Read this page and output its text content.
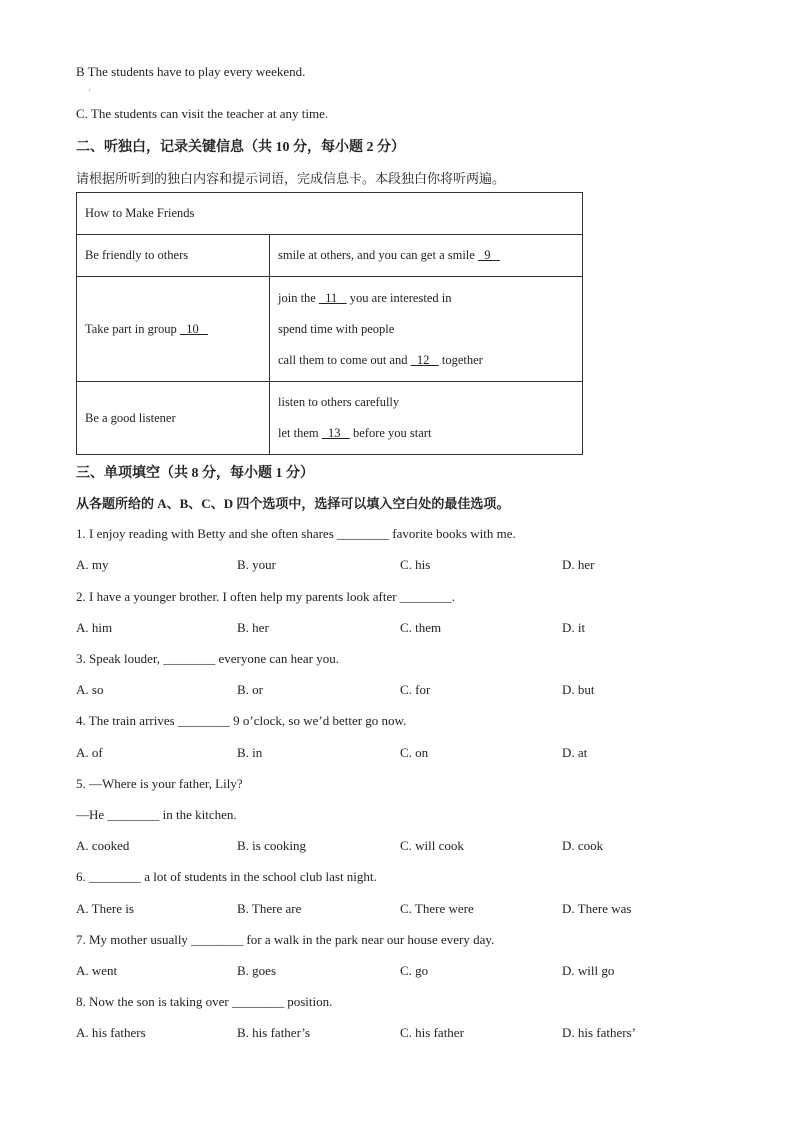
B The students have to play every weekend.
·
C. The students can visit the teacher at any time.
二、听独白，记录关键信息（共 10 分，每小题 2 分）
请根据所听到的独白内容和提示词语，完成信息卡。本段独白你将听两遍。
How to Make Friends	
Be friendly to others	smile at others, and you can get a smile   9
Take part in group   10	join the   11    you are interested in
spend time with people
call them to come out and   12    together

Be a good listener	listen to others carefully
let them   13    before you start
三、单项填空（共 8 分，每小题 1 分）
从各题所给的 A、B、C、D 四个选项中，选择可以填入空白处的最佳选项。
1. I enjoy reading with Betty and she often shares ________ favorite books with me.
A. my	B. your	C. his	D. her
2. I have a younger brother. I often help my parents look after ________.
A. him	B. her	C. them	D. it
3. Speak louder, ________ everyone can hear you.
A. so	B. or	C. for	D. but
4. The train arrives ________ 9 o’clock, so we’d better go now.
A. of	B. in	C. on	D. at
5. —Where is your father, Lily?
—He ________ in the kitchen.
A. cooked	B. is cooking	C. will cook	D. cook
6. ________ a lot of students in the school club last night.
A. There is	B. There are	C. There were	D. There was
7. My mother usually ________ for a walk in the park near our house every day.
A. went	B. goes	C. go	D. will go
8. Now the son is taking over ________ position.
A. his fathers	B. his father’s	C. his father	D. his fathers’
